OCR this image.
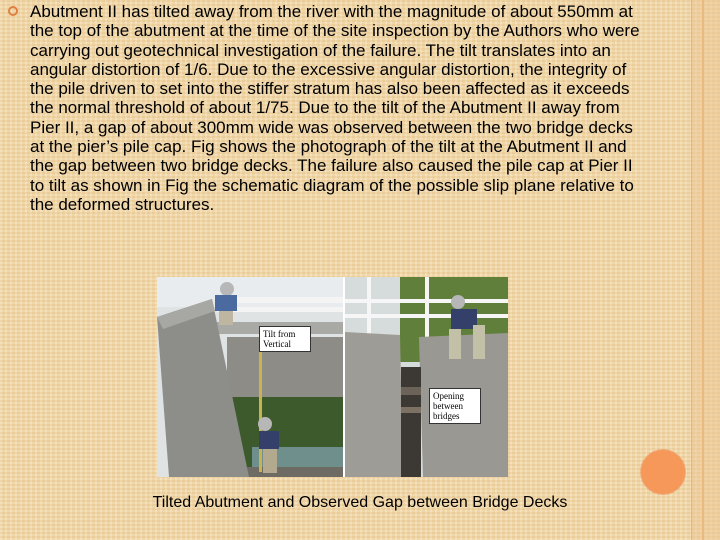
Abutment II has tilted away from the river with the magnitude of about 550mm at the top of the abutment at the time of the site inspection by the Authors who were carrying out geotechnical investigation of the failure. The tilt translates into an angular distortion of 1/6. Due to the excessive angular distortion, the integrity of the pile driven to set into the stiffer stratum has also been affected as it exceeds the normal threshold of about 1/75. Due to the tilt of the Abutment II away from Pier II, a gap of about 300mm wide was observed between the two bridge decks at the pier’s pile cap. Fig shows the photograph of the tilt at the Abutment II and the gap between two bridge decks. The failure also caused the pile cap at Pier II to tilt as shown in Fig the schematic diagram of the possible slip plane relative to the deformed structures.

Tilt from
Vertical
Opening
between
bridges

Tilted Abutment and Observed Gap between Bridge Decks
